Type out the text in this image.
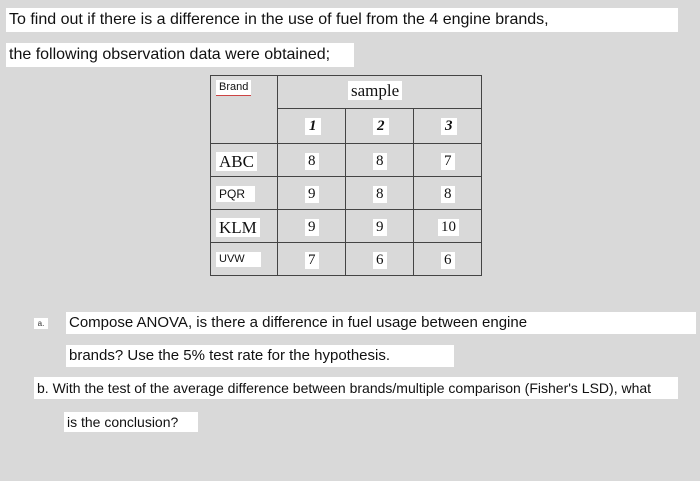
To find out if there is a difference in the use of fuel from the 4 engine brands,
the following observation data were obtained;
Brand	sample		

	1	2	3

ABC	8	8	7

PQR	9	8	8

KLM	9	9	10

UVW	7	6	6
a. Compose ANOVA, is there a difference in fuel usage between engine
brands? Use the 5% test rate for the hypothesis.
b. With the test of the average difference between brands/multiple comparison (Fisher's LSD), what
is the conclusion?
